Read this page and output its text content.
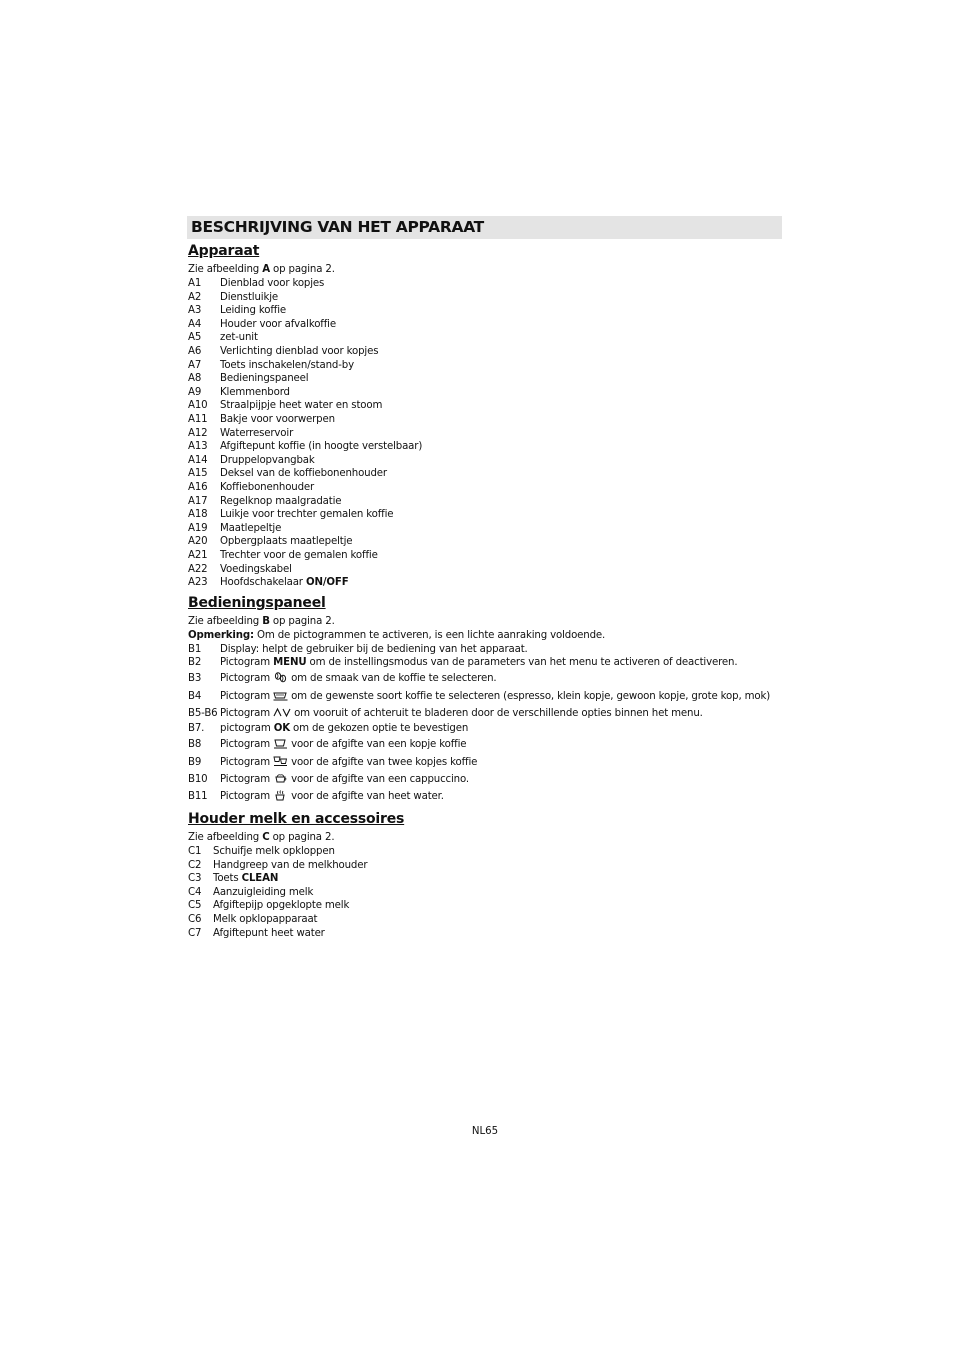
BESCHRIJVING VAN HET APPARAAT
Apparaat
Zie afbeelding A op pagina 2.
A1 Dienblad voor kopjes
A2 Dienstluikje
A3 Leiding koffie
A4 Houder voor afvalkoffie
A5 zet-unit
A6 Verlichting dienblad voor kopjes
A7 Toets inschakelen/stand-by
A8 Bedieningspaneel
A9 Klemmenbord
A10 Straalpijpje heet water en stoom
A11 Bakje voor voorwerpen
A12 Waterreservoir
A13 Afgiftepunt koffie (in hoogte verstelbaar)
A14 Druppelopvangbak
A15 Deksel van de koffiebonenhouder
A16 Koffiebonenhouder
A17 Regelknop maalgradatie
A18 Luikje voor trechter gemalen koffie
A19 Maatlepeltje
A20 Opbergplaats maatlepeltje
A21 Trechter voor de gemalen koffie
A22 Voedingskabel
A23 Hoofdschakelaar ON/OFF
Bedieningspaneel
Zie afbeelding B op pagina 2.
Opmerking: Om de pictogrammen te activeren, is een lichte aanraking voldoende.
B1 Display: helpt de gebruiker bij de bediening van het apparaat.
B2 Pictogram MENU om de instellingsmodus van de parameters van het menu te activeren of deactiveren.
B3 Pictogram om de smaak van de koffie te selecteren.
B4 Pictogram om de gewenste soort koffie te selecteren (espresso, klein kopje, gewoon kopje, grote kop, mok)
B5-B6 Pictogram om vooruit of achteruit te bladeren door de verschillende opties binnen het menu.
B7. pictogram OK om de gekozen optie te bevestigen
B8 Pictogram voor de afgifte van een kopje koffie
B9 Pictogram voor de afgifte van twee kopjes koffie
B10 Pictogram voor de afgifte van een cappuccino.
B11 Pictogram voor de afgifte van heet water.
Houder melk en accessoires
Zie afbeelding C op pagina 2.
C1 Schuifje melk opkloppen
C2 Handgreep van de melkhouder
C3 Toets CLEAN
C4 Aanzuigleiding melk
C5 Afgiftepijp opgeklopte melk
C6 Melk opklopapparaat
C7 Afgiftepunt heet water
NL65
